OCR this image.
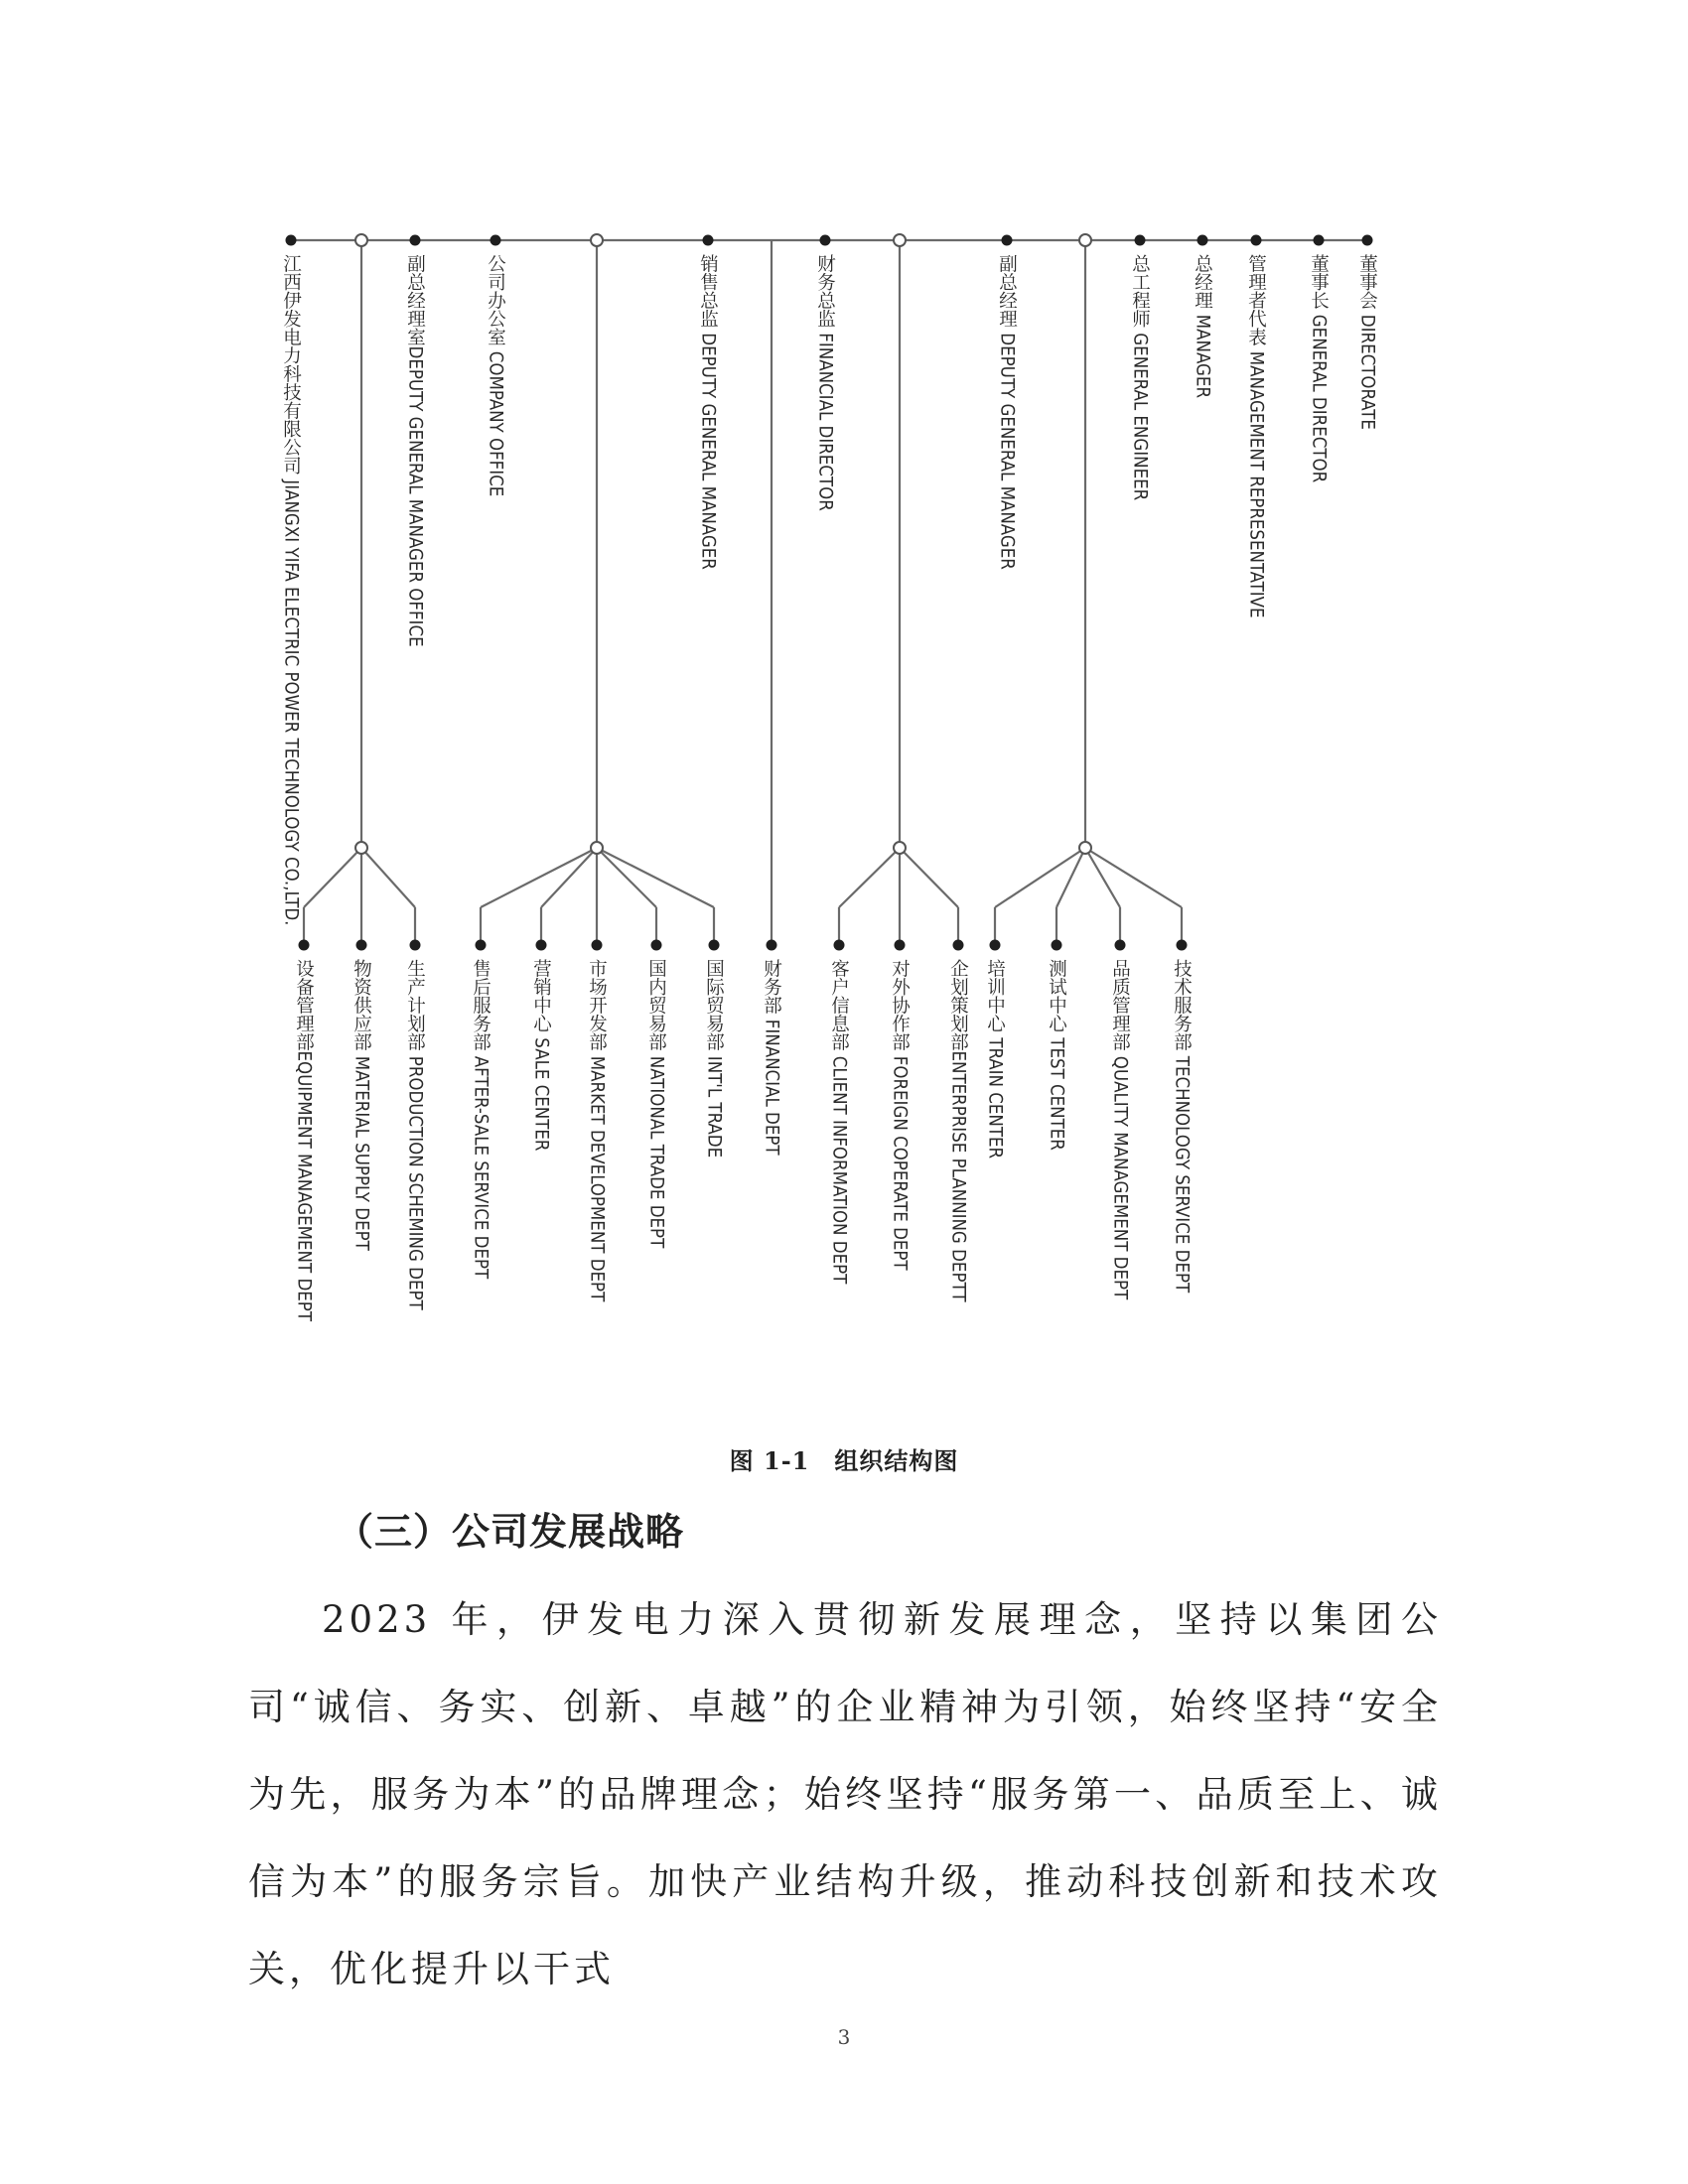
江西伊发电力科技有限公司 JIANGXI YIFA ELECTRIC POWER TECHNOLOGY CO.,LTD.	副总经理室DEPUTY GENERAL MANAGER OFFICE	公司办公室 COMPANY OFFICE	销售总监 DEPUTY GENERAL MANAGER	财务总监 FINANCIAL DIRECTOR	副总经理 DEPUTY GENERAL MANAGER	总工程师 GENERAL ENGINEER 总经理 MANAGER 管理者代表 MANAGEMENT REPRESENTATIVE 董事长 GENERAL DIRECTOR 董事会 DIRECTORATE
设备管理部EQUIPMENT MANAGEMENT DEPT 物资供应部 MATERIAL SUPPLY DEPT 生产计划部 PRODUCTION SCHEMING DEPT 售后服务部 AFTER-SALE SERVICE DEPT 营销中心 SALE CENTER 市场开发部 MARKET DEVELOPMENT DEPT 国内贸易部 NATIONAL TRADE DEPT 国际贸易部 INT'L TRADE 财务部 FINANCIAL DEPT	客户信息部 CLIENT INFORMATION DEPT 对外协作部 FOREIGN COPERATE DEPT 企划策划部ENTERPRISE PLANNING DEPTT 培训中心 TRAIN CENTER 测试中心 TEST CENTER 品质管理部 QUALITY MANAGEMENT DEPT 技术服务部 TECHNOLOGY SERVICE DEPT
图 1-1　组织结构图
（三）公司发展战略
2023 年，伊发电力深入贯彻新发展理念，坚持以集团公司“诚信、务实、创新、卓越”的企业精神为引领，始终坚持“安全为先，服务为本”的品牌理念；始终坚持“服务第一、品质至上、诚信为本”的服务宗旨。加快产业结构升级，推动科技创新和技术攻关，优化提升以干式
3
